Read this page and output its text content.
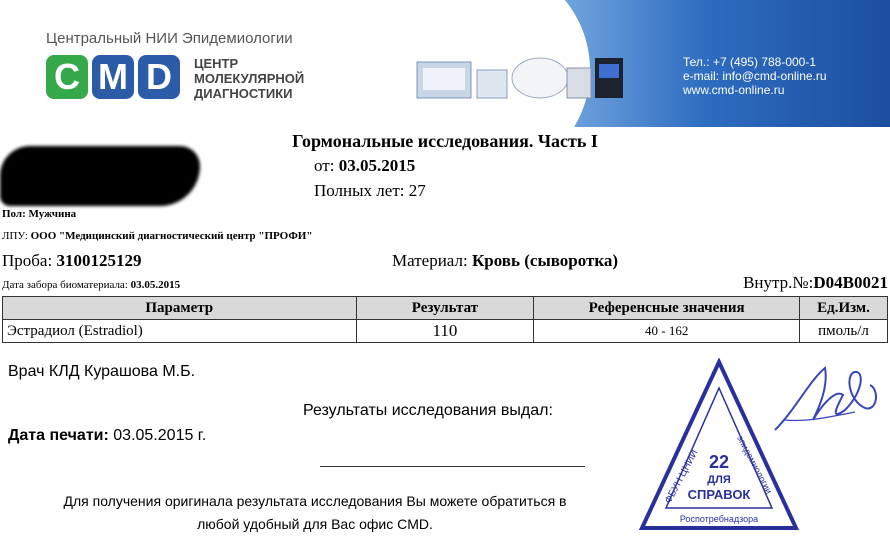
Центральный НИИ Эпидемиологии
C M D	ЦЕНТР
МОЛЕКУЛЯРНОЙ
ДИАГНОСТИКИ
Тел.: +7 (495) 788-000-1
e-mail: info@cmd-online.ru
www.cmd-online.ru
Гормональные исследования. Часть I
от: 03.05.2015
Полных лет: 27
Пол: Мужчина
ЛПУ: ООО "Медицинский диагностический центр "ПРОФИ"
Проба: 3100125129	Материал: Кровь (сыворотка)
Дата забора биоматериала: 03.05.2015	Внутр.№:D04B0021
Параметр	Результат	Референсные значения	Ед.Изм.
Эстрадиол (Estradiol)	110	40 - 162	пмоль/л
Врач КЛД Курашова М.Б.
Результаты исследования выдал:
Дата печати: 03.05.2015 г.
Для получения оригинала результата исследования Вы можете обратиться в
любой удобный для Вас офис CMD.
22
ДЛЯ
СПРАВОК
Роспотребнадзора
ФБУН ЦНИИ	эпидемиологии
